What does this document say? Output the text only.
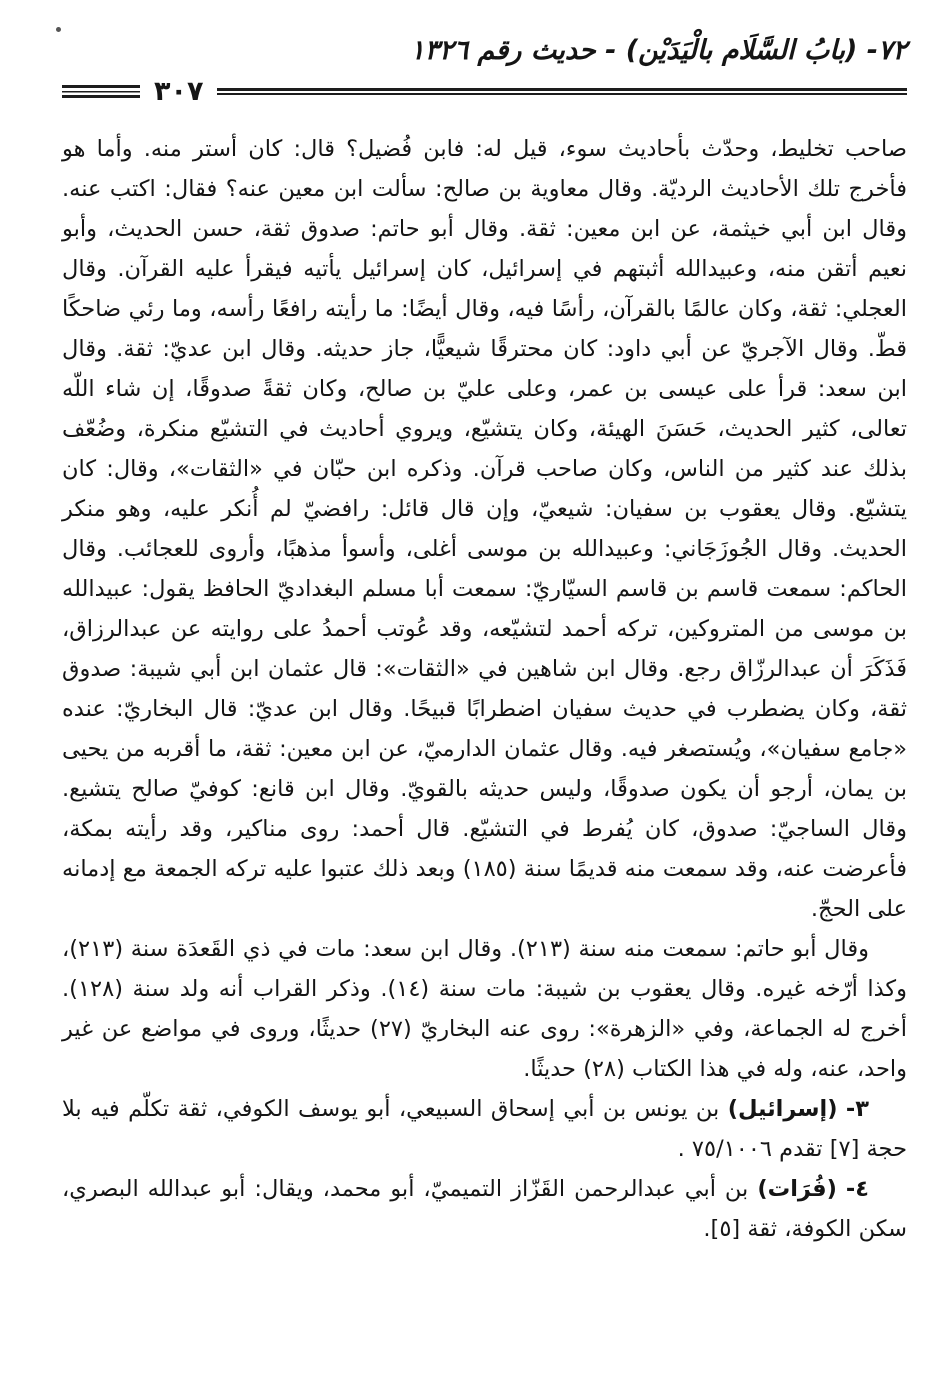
٧٢- (بابُ السَّلَام بالْيَدَيْن) - حديث رقم ١٣٢٦
٣٠٧

صاحب تخليط، وحدّث بأحاديث سوء، قيل له: فابن فُضيل؟ قال: كان أستر منه. وأما هو فأخرج تلك الأحاديث الرديّة. وقال معاوية بن صالح: سألت ابن معين عنه؟ فقال: اكتب عنه. وقال ابن أبي خيثمة، عن ابن معين: ثقة. وقال أبو حاتم: صدوق ثقة، حسن الحديث، وأبو نعيم أتقن منه، وعبيدالله أثبتهم في إسرائيل، كان إسرائيل يأتيه فيقرأ عليه القرآن. وقال العجلي: ثقة، وكان عالمًا بالقرآن، رأسًا فيه، وقال أيضًا: ما رأيته رافعًا رأسه، وما رئي ضاحكًا قطّ. وقال الآجريّ عن أبي داود: كان محترقًا شيعيًّا، جاز حديثه. وقال ابن عديّ: ثقة. وقال ابن سعد: قرأ على عيسى بن عمر، وعلى عليّ بن صالح، وكان ثقةً صدوقًا، إن شاء اللّه تعالى، كثير الحديث، حَسَنَ الهيئة، وكان يتشيّع، ويروي أحاديث في التشيّع منكرة، وضُعّف بذلك عند كثير من الناس، وكان صاحب قرآن. وذكره ابن حبّان في «الثقات»، وقال: كان يتشيّع. وقال يعقوب بن سفيان: شيعيّ، وإن قال قائل: رافضيّ لم أُنكر عليه، وهو منكر الحديث. وقال الجُوزَجَاني: وعبيدالله بن موسى أغلى، وأسوأ مذهبًا، وأروى للعجائب. وقال الحاكم: سمعت قاسم بن قاسم السيّاريّ: سمعت أبا مسلم البغداديّ الحافظ يقول: عبيدالله بن موسى من المتروكين، تركه أحمد لتشيّعه، وقد عُوتب أحمدُ على روايته عن عبدالرزاق، فَذَكَرَ أن عبدالرزّاق رجع. وقال ابن شاهين في «الثقات»: قال عثمان ابن أبي شيبة: صدوق ثقة، وكان يضطرب في حديث سفيان اضطرابًا قبيحًا. وقال ابن عديّ: قال البخاريّ: عنده «جامع سفيان»، ويُستصغر فيه. وقال عثمان الدارميّ، عن ابن معين: ثقة، ما أقربه من يحيى بن يمان، أرجو أن يكون صدوقًا، وليس حديثه بالقويّ. وقال ابن قانع: كوفيّ صالح يتشيع. وقال الساجيّ: صدوق، كان يُفرط في التشيّع. قال أحمد: روى مناكير، وقد رأيته بمكة، فأعرضت عنه، وقد سمعت منه قديمًا سنة (١٨٥) وبعد ذلك عتبوا عليه تركه الجمعة مع إدمانه على الحجّ.

وقال أبو حاتم: سمعت منه سنة (٢١٣). وقال ابن سعد: مات في ذي القَعدَة سنة (٢١٣)، وكذا أرّخه غيره. وقال يعقوب بن شيبة: مات سنة (١٤). وذكر القراب أنه ولد سنة (١٢٨). أخرج له الجماعة، وفي «الزهرة»: روى عنه البخاريّ (٢٧) حديثًا، وروى في مواضع عن غير واحد، عنه، وله في هذا الكتاب (٢٨) حديثًا.

٣- (إسرائيل) بن يونس بن أبي إسحاق السبيعي، أبو يوسف الكوفي، ثقة تكلّم فيه بلا حجة [٧] تقدم ٧٥/١٠٠٦ .

٤- (فُرَات) بن أبي عبدالرحمن القَزّاز التميميّ، أبو محمد، ويقال: أبو عبدالله البصري، سكن الكوفة، ثقة [٥].
